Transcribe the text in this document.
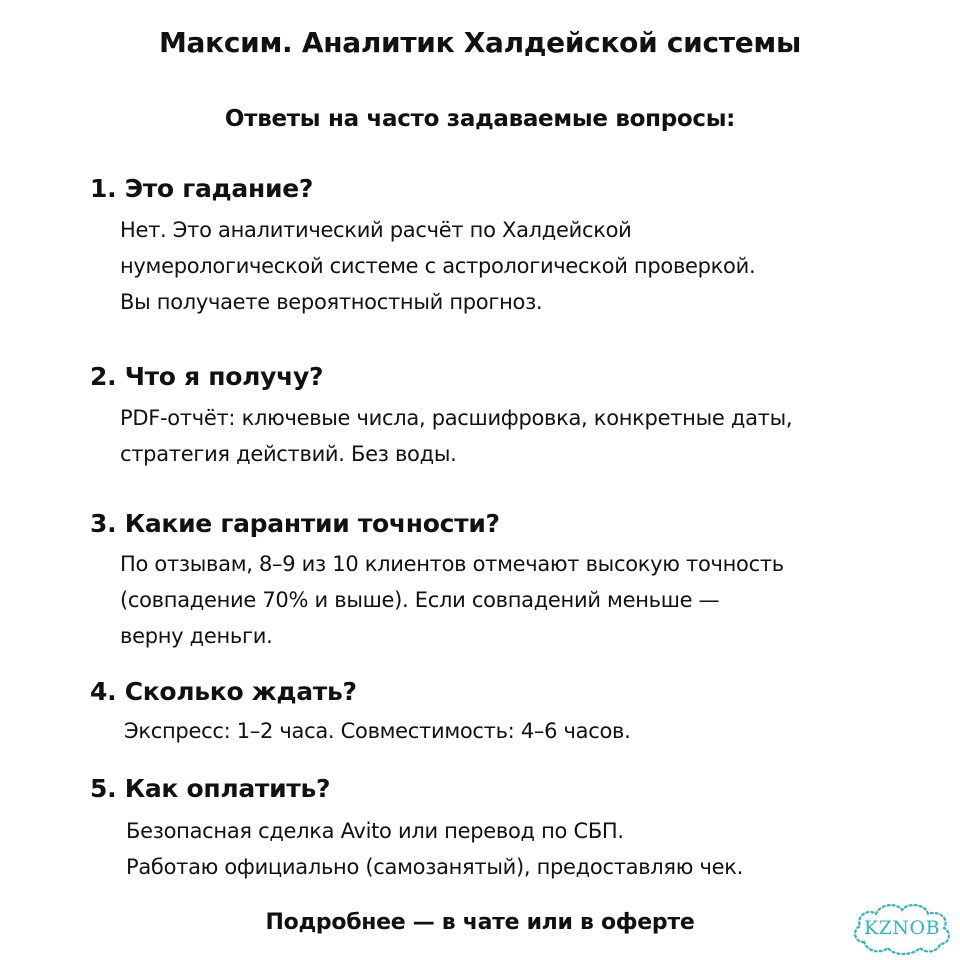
Максим. Аналитик Халдейской системы
Ответы на часто задаваемые вопросы:
1. Это гадание?
Нет. Это аналитический расчёт по Халдейской
нумерологической системе с астрологической проверкой.
Вы получаете вероятностный прогноз.
2. Что я получу?
PDF-отчёт: ключевые числа, расшифровка, конкретные даты,
стратегия действий. Без воды.
3. Какие гарантии точности?
По отзывам, 8–9 из 10 клиентов отмечают высокую точность
(совпадение 70% и выше). Если совпадений меньше —
верну деньги.
4. Сколько ждать?
Экспресс: 1–2 часа. Совместимость: 4–6 часов.
5. Как оплатить?
Безопасная сделка Avito или перевод по СБП.
Работаю официально (самозанятый), предоставляю чек.
Подробнее — в чате или в оферте	KZNOB
